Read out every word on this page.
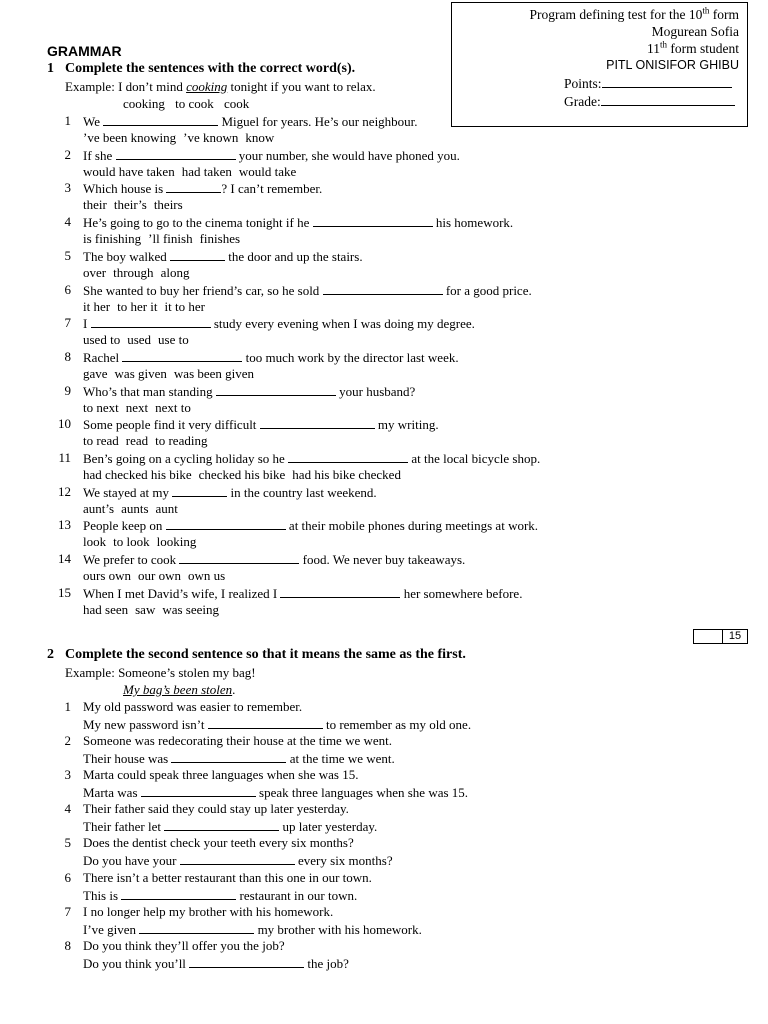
Program defining test for the 10th form
Mogurean Sofia
11th form student
PITL ONISIFOR GHIBU
Points:
Grade:
GRAMMAR
1 Complete the sentences with the correct word(s).
Example: I don’t mind cooking tonight if you want to relax.
cooking to cook cook
1 We	Miguel for years. He’s our neighbour.
’ve been knowing ’ve known know
2 If she	your number, she would have phoned you.
would have taken had taken would take
3 Which house is	? I can’t remember.
their their’s theirs
4 He’s going to go to the cinema tonight if he	his homework.
is finishing ’ll finish finishes
5 The boy walked	the door and up the stairs.
over through along
6 She wanted to buy her friend’s car, so he sold	for a good price.
it her to her it it to her
7 I	study every evening when I was doing my degree.
used to used use to
8 Rachel	too much work by the director last week.
gave was given was been given
9 Who’s that man standing	your husband?
to next next next to
10 Some people find it very difficult	my writing.
to read read to reading
11 Ben’s going on a cycling holiday so he	at the local bicycle shop.
had checked his bike checked his bike had his bike checked
12 We stayed at my	in the country last weekend.
aunt’s aunts aunt
13 People keep on	at their mobile phones during meetings at work.
look to look looking
14 We prefer to cook	food. We never buy takeaways.
ours own our own own us
15 When I met David’s wife, I realized I	her somewhere before.
had seen saw was seeing
15
2 Complete the second sentence so that it means the same as the first.
Example: Someone’s stolen my bag!
My bag’s been stolen.
1 My old password was easier to remember.
My new password isn’t	to remember as my old one.
2 Someone was redecorating their house at the time we went.
Their house was	at the time we went.
3 Marta could speak three languages when she was 15.
Marta was	speak three languages when she was 15.
4 Their father said they could stay up later yesterday.
Their father let	up later yesterday.
5 Does the dentist check your teeth every six months?
Do you have your	every six months?
6 There isn’t a better restaurant than this one in our town.
This is	restaurant in our town.
7 I no longer help my brother with his homework.
I’ve given	my brother with his homework.
8 Do you think they’ll offer you the job?
Do you think you’ll	the job?
